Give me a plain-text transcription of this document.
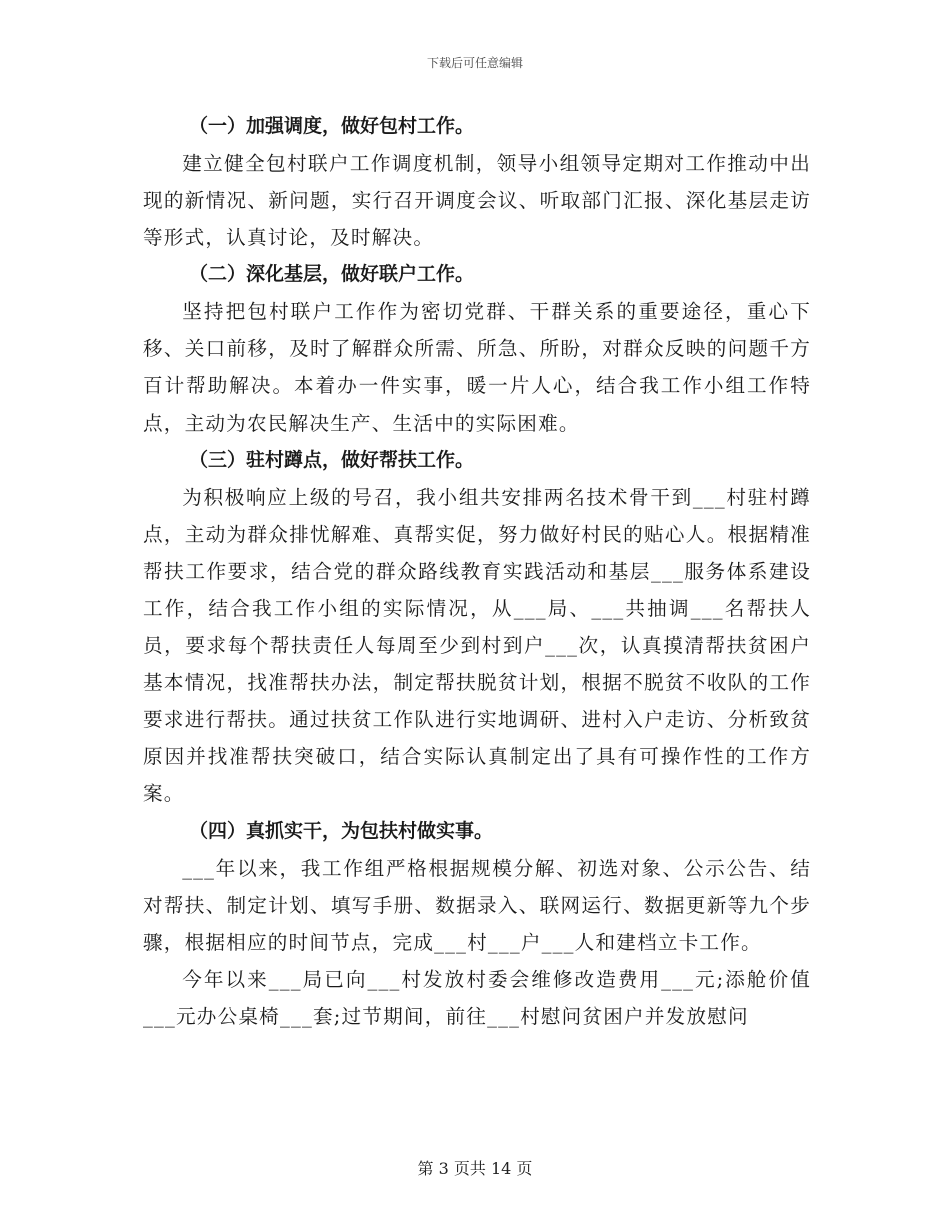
下载后可任意编辑
（一）加强调度，做好包村工作。

建立健全包村联户工作调度机制，领导小组领导定期对工作推动中出现的新情况、新问题，实行召开调度会议、听取部门汇报、深化基层走访等形式，认真讨论，及时解决。

（二）深化基层，做好联户工作。

坚持把包村联户工作作为密切党群、干群关系的重要途径，重心下移、关口前移，及时了解群众所需、所急、所盼，对群众反映的问题千方百计帮助解决。本着办一件实事，暖一片人心，结合我工作小组工作特点，主动为农民解决生产、生活中的实际困难。

（三）驻村蹲点，做好帮扶工作。

为积极响应上级的号召，我小组共安排两名技术骨干到___村驻村蹲点，主动为群众排忧解难、真帮实促，努力做好村民的贴心人。根据精准帮扶工作要求，结合党的群众路线教育实践活动和基层___服务体系建设工作，结合我工作小组的实际情况，从___局、___共抽调___名帮扶人员，要求每个帮扶责任人每周至少到村到户___次，认真摸清帮扶贫困户基本情况，找准帮扶办法，制定帮扶脱贫计划，根据不脱贫不收队的工作要求进行帮扶。通过扶贫工作队进行实地调研、进村入户走访、分析致贫原因并找准帮扶突破口，结合实际认真制定出了具有可操作性的工作方案。

（四）真抓实干，为包扶村做实事。

___年以来，我工作组严格根据规模分解、初选对象、公示公告、结对帮扶、制定计划、填写手册、数据录入、联网运行、数据更新等九个步骤，根据相应的时间节点，完成___村___户___人和建档立卡工作。

今年以来___局已向___村发放村委会维修改造费用___元;添舱价值___元办公桌椅___套;过节期间，前往___村慰问贫困户并发放慰问

第 3 页共 14 页
